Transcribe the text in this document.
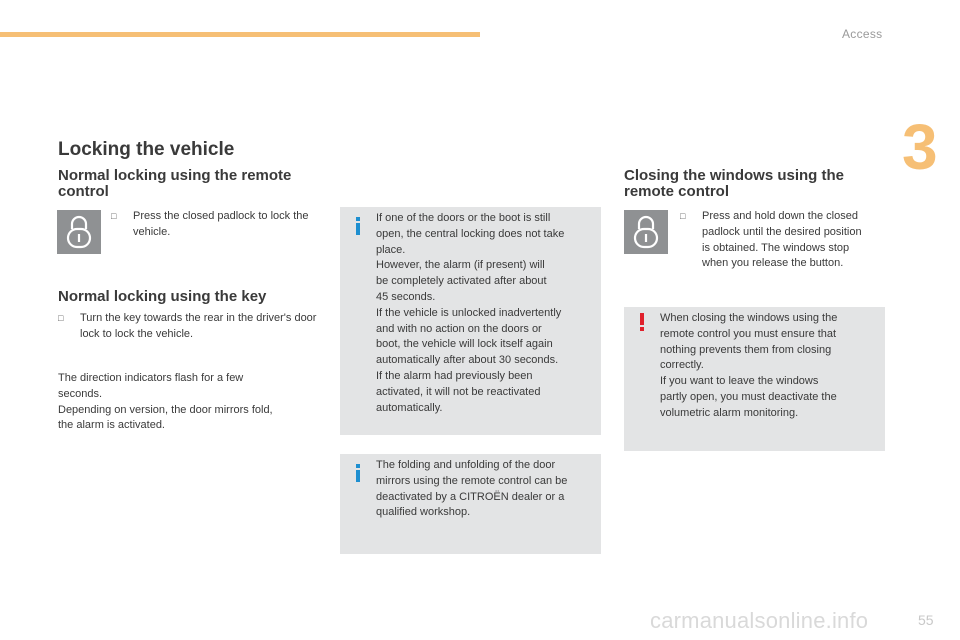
Access
3
Locking the vehicle
Normal locking using the remote
control
□ Press the closed padlock to lock the vehicle.
Normal locking using the key
□ Turn the key towards the rear in the driver's door lock to lock the vehicle.
The direction indicators flash for a few
seconds.
Depending on version, the door mirrors fold,
the alarm is activated.
If one of the doors or the boot is still
open, the central locking does not take
place.
However, the alarm (if present) will
be completely activated after about
45 seconds.
If the vehicle is unlocked inadvertently
and with no action on the doors or
boot, the vehicle will lock itself again
automatically after about 30 seconds.
If the alarm had previously been
activated, it will not be reactivated
automatically.
The folding and unfolding of the door
mirrors using the remote control can be
deactivated by a CITROËN dealer or a
qualified workshop.
Closing the windows using the
remote control
□ Press and hold down the closed
padlock until the desired position
is obtained. The windows stop
when you release the button.
When closing the windows using the
remote control you must ensure that
nothing prevents them from closing
correctly.
If you want to leave the windows
partly open, you must deactivate the
volumetric alarm monitoring.
carmanualsonline.info	55
